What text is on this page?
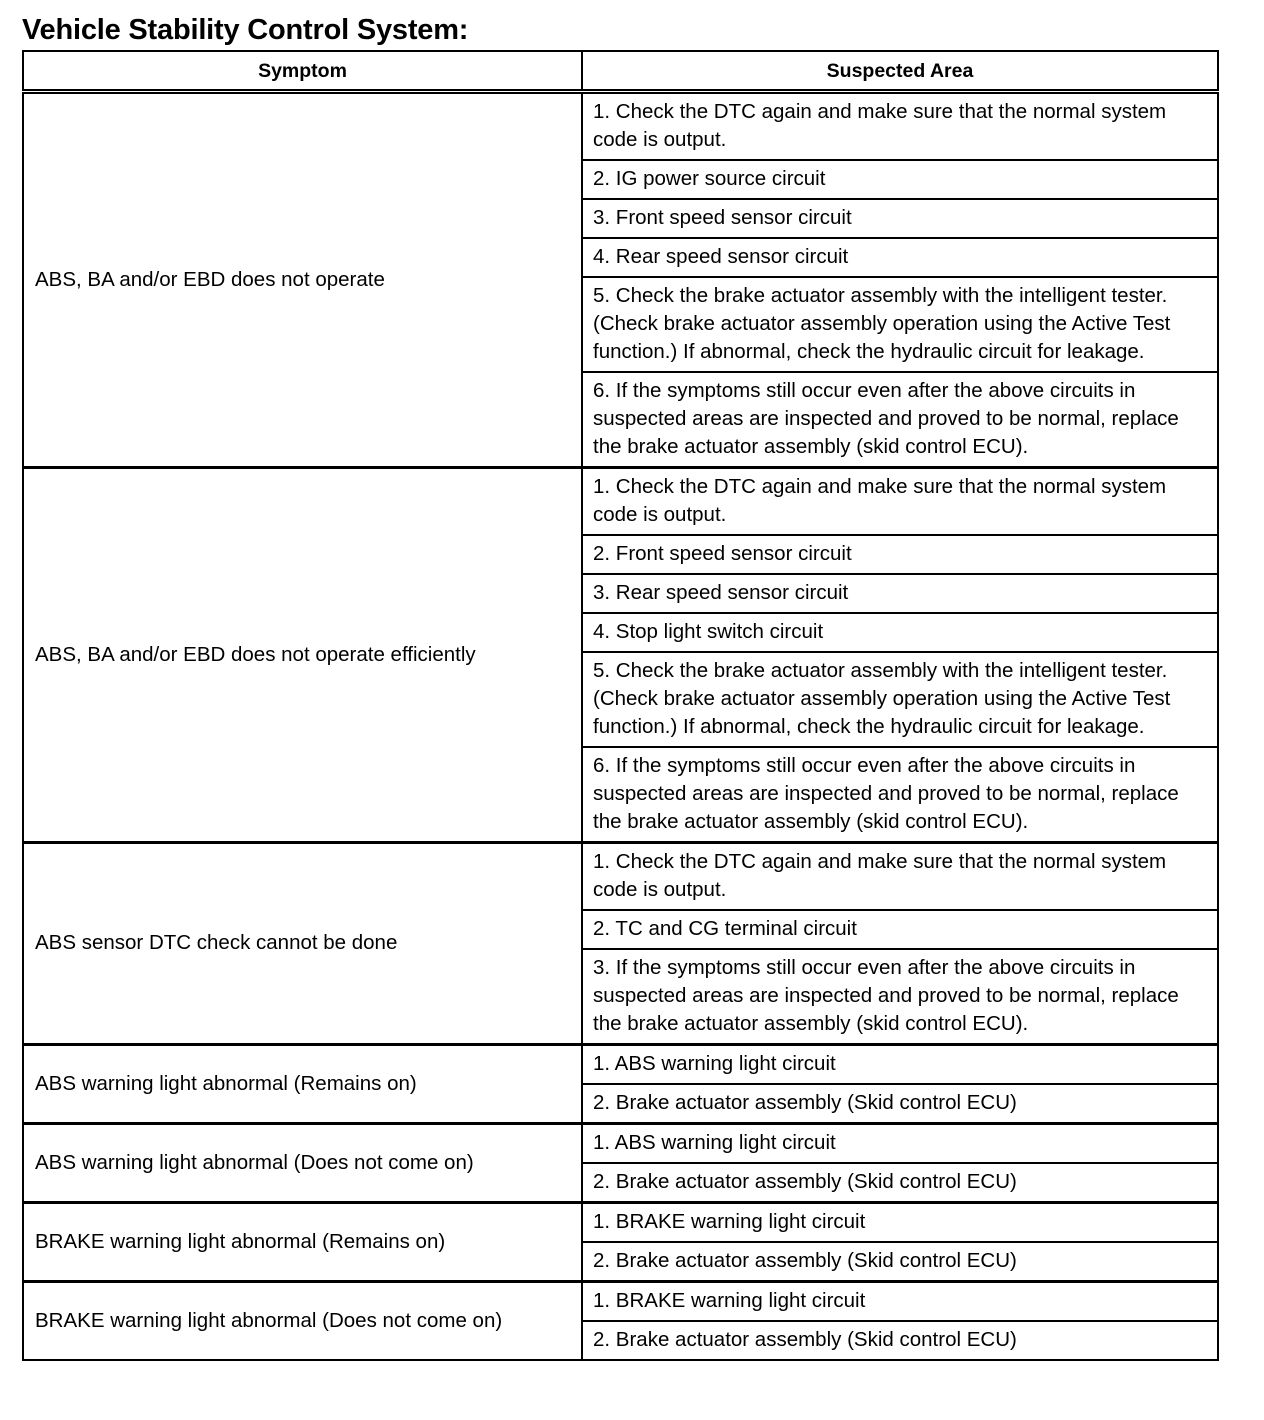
Vehicle Stability Control System:
Symptom	Suspected Area
ABS, BA and/or EBD does not operate	1. Check the DTC again and make sure that the normal system code is output.
	2. IG power source circuit
	3. Front speed sensor circuit
	4. Rear speed sensor circuit
	5. Check the brake actuator assembly with the intelligent tester. (Check brake actuator assembly operation using the Active Test function.) If abnormal, check the hydraulic circuit for leakage.
	6. If the symptoms still occur even after the above circuits in suspected areas are inspected and proved to be normal, replace the brake actuator assembly (skid control ECU).
ABS, BA and/or EBD does not operate efficiently	1. Check the DTC again and make sure that the normal system code is output.
	2. Front speed sensor circuit
	3. Rear speed sensor circuit
	4. Stop light switch circuit
	5. Check the brake actuator assembly with the intelligent tester. (Check brake actuator assembly operation using the Active Test function.) If abnormal, check the hydraulic circuit for leakage.
	6. If the symptoms still occur even after the above circuits in suspected areas are inspected and proved to be normal, replace the brake actuator assembly (skid control ECU).
ABS sensor DTC check cannot be done	1. Check the DTC again and make sure that the normal system code is output.
	2. TC and CG terminal circuit
	3. If the symptoms still occur even after the above circuits in suspected areas are inspected and proved to be normal, replace the brake actuator assembly (skid control ECU).
ABS warning light abnormal (Remains on)	1. ABS warning light circuit
	2. Brake actuator assembly (Skid control ECU)
ABS warning light abnormal (Does not come on)	1. ABS warning light circuit
	2. Brake actuator assembly (Skid control ECU)
BRAKE warning light abnormal (Remains on)	1. BRAKE warning light circuit
	2. Brake actuator assembly (Skid control ECU)
BRAKE warning light abnormal (Does not come on)	1. BRAKE warning light circuit
	2. Brake actuator assembly (Skid control ECU)
